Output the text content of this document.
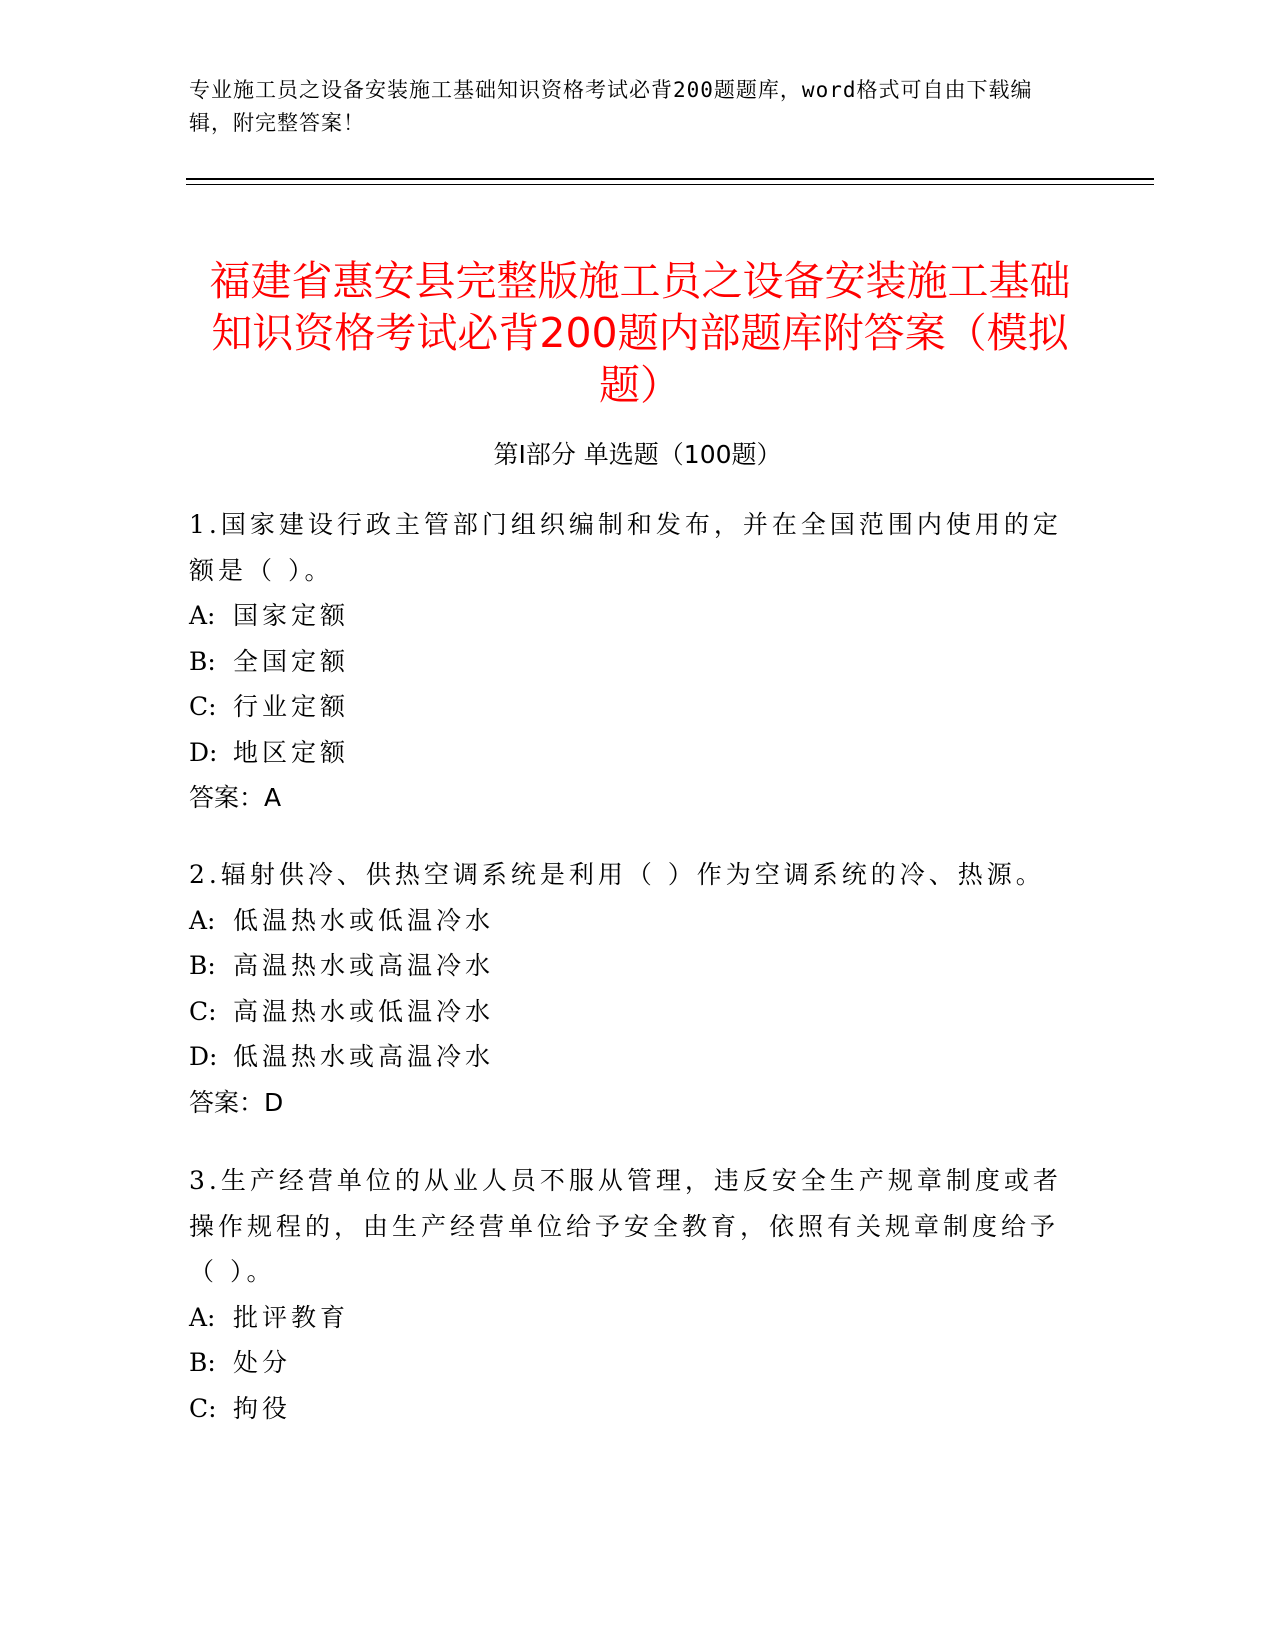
专业施工员之设备安装施工基础知识资格考试必背200题题库，word格式可自由下载编辑，附完整答案！
福建省惠安县完整版施工员之设备安装施工基础知识资格考试必背200题内部题库附答案（模拟题）
第Ⅰ部分 单选题（100题）
1.国家建设行政主管部门组织编制和发布，并在全国范围内使用的定额是（ ）。
A: 国家定额
B: 全国定额
C: 行业定额
D: 地区定额
答案：A
2.辐射供冷、供热空调系统是利用（ ）作为空调系统的冷、热源。
A: 低温热水或低温冷水
B: 高温热水或高温冷水
C: 高温热水或低温冷水
D: 低温热水或高温冷水
答案：D
3.生产经营单位的从业人员不服从管理，违反安全生产规章制度或者操作规程的，由生产经营单位给予安全教育，依照有关规章制度给予（ ）。
A: 批评教育
B: 处分
C: 拘役
